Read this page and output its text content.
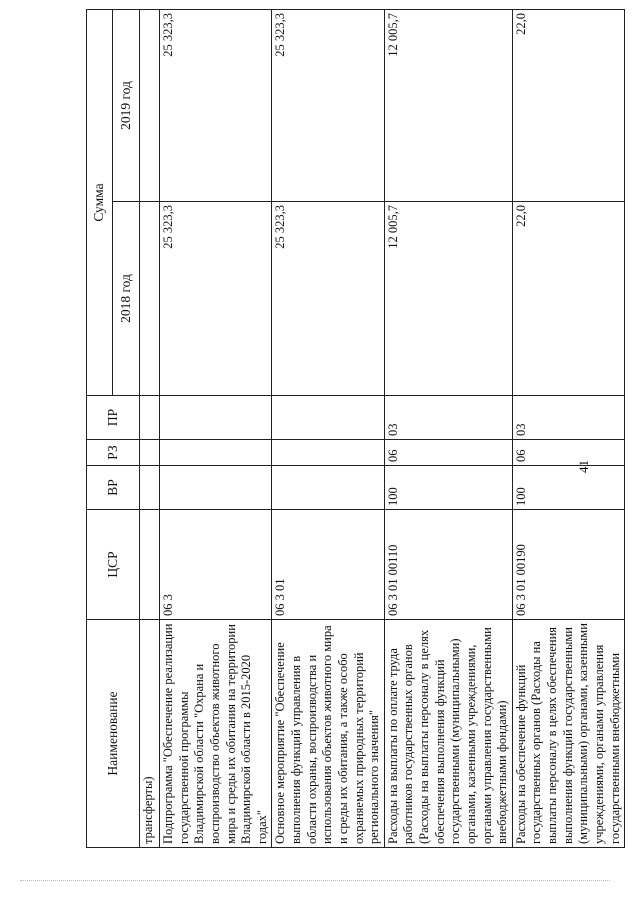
41
Наименование	ЦСР	ВР	РЗ	ПР	Сумма	
					2018 год	2019 год
трансферты)						
Подпрограмма "Обеспечение реализации государственной программы Владимирской области "Охрана и воспроизводство объектов животного мира и среды их обитания на территории Владимирской области в 2015-2020 годах"	06 3				25 323,3	25 323,3
Основное мероприятие "Обеспечение выполнения функций управления в области охраны, воспроизводства и использования объектов животного мира и среды их обитания, а также особо охраняемых природных территорий регионального значения"	06 3 01				25 323,3	25 323,3
Расходы на выплаты по оплате труда работников государственных органов (Расходы на выплаты персоналу в целях обеспечения выполнения функций государственными (муниципальными) органами, казенными учреждениями, органами управления государственными внебюджетными фондами)	06 3 01 00110	100	06	03	12 005,7	12 005,7
Расходы на обеспечение функций государственных органов (Расходы на выплаты персоналу в целях обеспечения выполнения функций государственными (муниципальными) органами, казенными учреждениями, органами управления государственными внебюджетными	06 3 01 00190	100	06	03	22,0	22,0
